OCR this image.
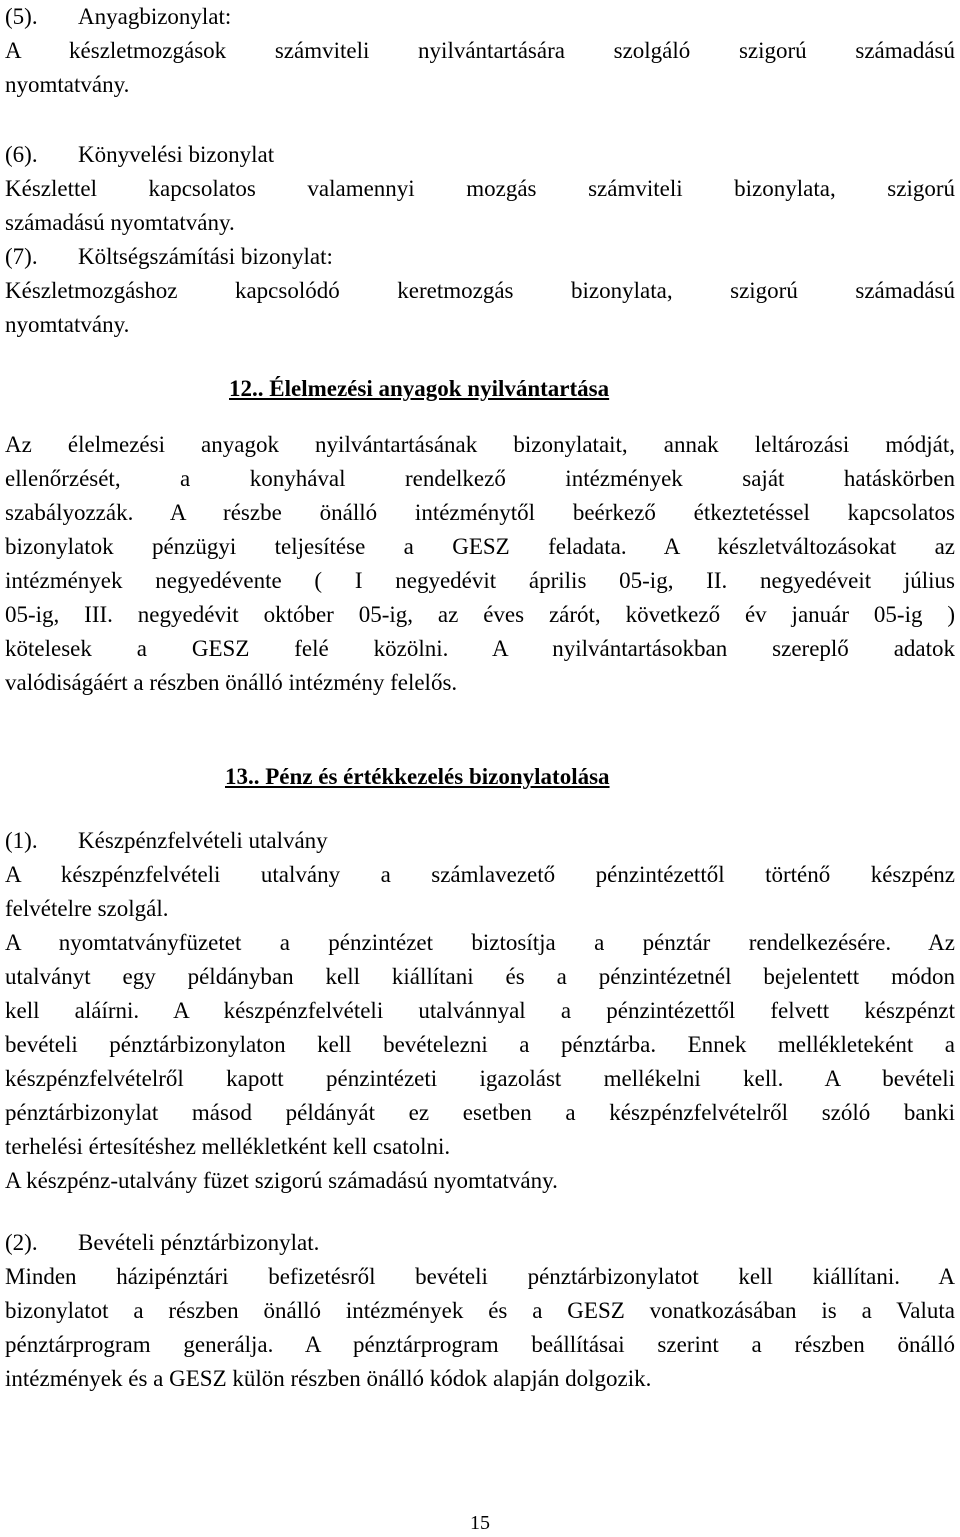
(5). Anyagbizonylat:

A készletmozgások számviteli nyilvántartására szolgáló szigorú számadású

nyomtatvány.

(6). Könyvelési bizonylat

Készlettel kapcsolatos valamennyi mozgás számviteli bizonylata, szigorú

számadású nyomtatvány.

(7). Költségszámítási bizonylat:

Készletmozgáshoz kapcsolódó keretmozgás bizonylata, szigorú számadású

nyomtatvány.

12.. Élelmezési anyagok nyilvántartása

Az élelmezési anyagok nyilvántartásának bizonylatait, annak leltározási módját,

ellenőrzését, a konyhával rendelkező intézmények saját hatáskörben

szabályozzák. A részbe önálló intézménytől beérkező étkeztetéssel kapcsolatos

bizonylatok pénzügyi teljesítése a GESZ feladata. A készletváltozásokat az

intézmények negyedévente ( I negyedévit április 05-ig, II. negyedéveit július

05-ig, III. negyedévit október 05-ig, az éves zárót, következő év január 05-ig )

kötelesek a GESZ felé közölni. A nyilvántartásokban szereplő adatok

valódiságáért a részben önálló intézmény felelős.

13.. Pénz és értékkezelés bizonylatolása

(1). Készpénzfelvételi utalvány

A készpénzfelvételi utalvány a számlavezető pénzintézettől történő készpénz

felvételre szolgál.

A nyomtatványfüzetet a pénzintézet biztosítja a pénztár rendelkezésére. Az

utalványt egy példányban kell kiállítani és a pénzintézetnél bejelentett módon

kell aláírni. A készpénzfelvételi utalvánnyal a pénzintézettől felvett készpénzt

bevételi pénztárbizonylaton kell bevételezni a pénztárba. Ennek mellékleteként a

készpénzfelvételről kapott pénzintézeti igazolást mellékelni kell. A bevételi

pénztárbizonylat másod példányát ez esetben a készpénzfelvételről szóló banki

terhelési értesítéshez mellékletként kell csatolni.

A készpénz-utalvány füzet szigorú számadású nyomtatvány.

(2). Bevételi pénztárbizonylat.

Minden házipénztári befizetésről bevételi pénztárbizonylatot kell kiállítani. A

bizonylatot a részben önálló intézmények és a GESZ vonatkozásában is a Valuta

pénztárprogram generálja. A pénztárprogram beállításai szerint a részben önálló

intézmények és a GESZ külön részben önálló kódok alapján dolgozik.

15
